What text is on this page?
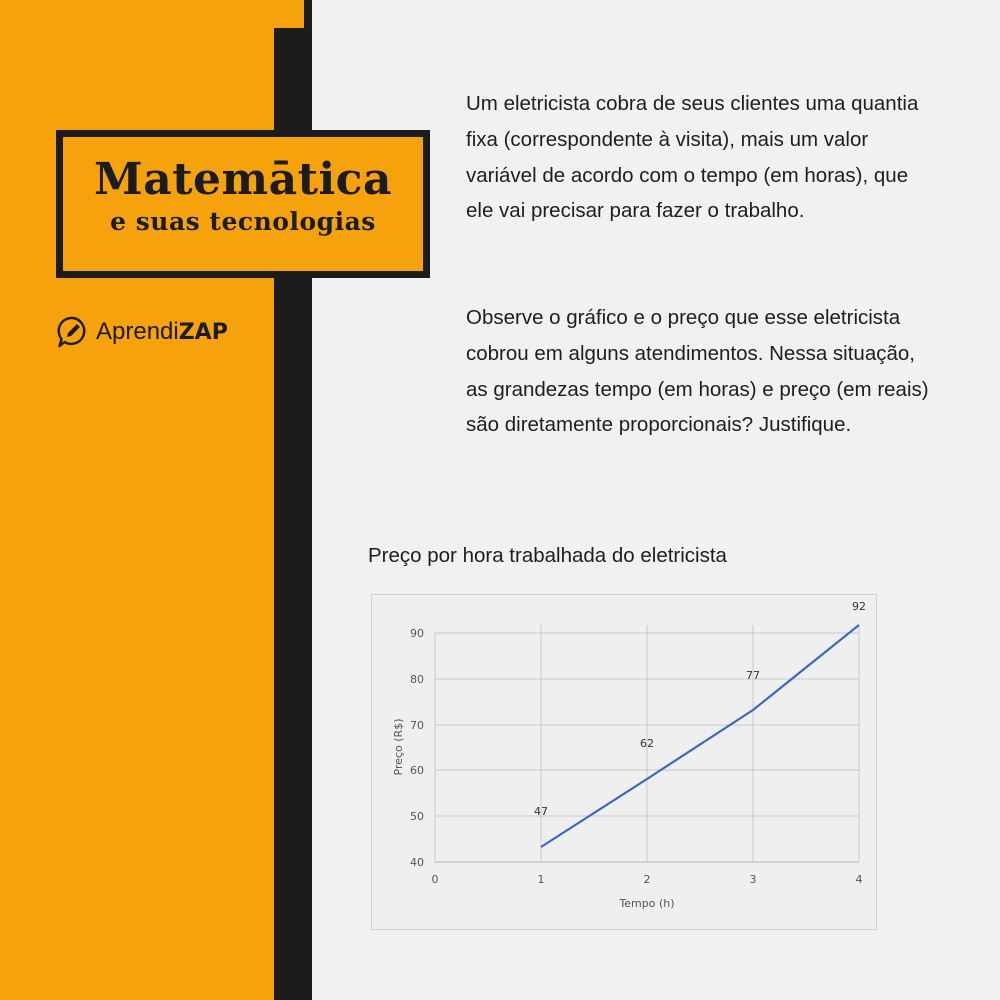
Matemātica
e suas tecnologias
AprendiZAP
Um eletricista cobra de seus clientes uma quantia fixa (correspondente à visita), mais um valor variável de acordo com o tempo (em horas), que ele vai precisar para fazer o trabalho.
Observe o gráfico e o preço que esse eletricista cobrou em alguns atendimentos. Nessa situação, as grandezas tempo (em horas) e preço (em reais) são diretamente proporcionais? Justifique.
Preço por hora trabalhada do eletricista
40
50
60
70
80
90
0	1	2	3	4
Tempo (h)
Preço (R$)
47
62
77
92
